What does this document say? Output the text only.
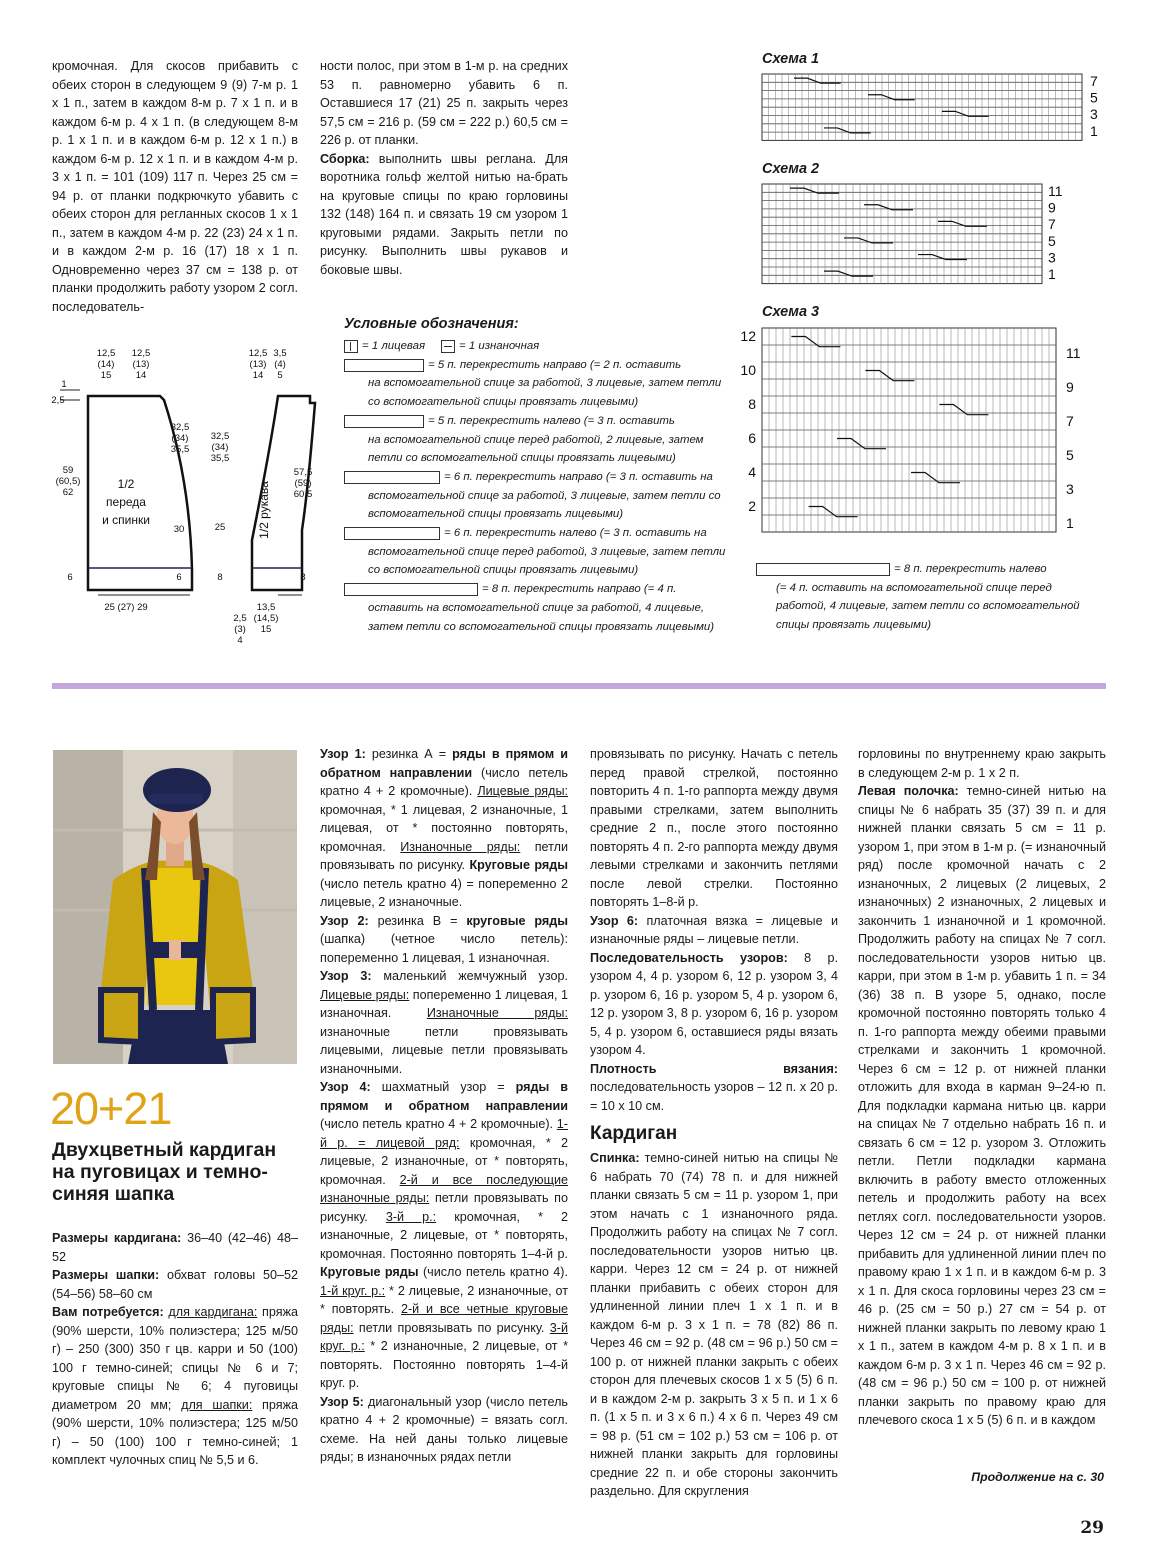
кромочная. Для скосов прибавить с обеих сторон в следующем 9 (9) 7-м р. 1 х 1 п., затем в каждом 8-м р. 7 х 1 п. и в каждом 6-м р. 4 х 1 п. (в следующем 8-м р. 1 х 1 п. и в каждом 6-м р. 12 х 1 п.) в каждом 6-м р. 12 х 1 п. и в каждом 4-м р. 3 х 1 п. = 101 (109) 117 п. Через 25 см = 94 р. от планки подкрючкуто убавить с обеих сторон для регланных скосов 1 х 1 п., затем в каждом 4-м р. 22 (23) 24 х 1 п. и в каждом 2-м р. 16 (17) 18 х 1 п. Одновременно через 37 см = 138 р. от планки продолжить работу узором 2 согл. последователь-

ности полос, при этом в 1-м р. на средних 53 п. равномерно убавить 6 п. Оставшиеся 17 (21) 25 п. закрыть через 57,5 см = 216 р. (59 см = 222 р.) 60,5 см = 226 р. от планки.
Сборка: выполнить швы реглана. Для воротника гольф желтой нитью на-брать на круговые спицы по краю горловины 132 (148) 164 п. и связать 19 см узором 1 круговыми рядами. Закрыть петли по рисунку. Выполнить швы рукавов и боковые швы.

12,5
(14)
15
12,5
(13)
14
1
2,5
32,5
(34)
35,5
59
(60,5)
62
1/2
переда
и спинки
30
6	6
25 (27) 29
12,5
(13)
14
3,5
(4)
5
32,5
(34)
35,5
25	1/2 рукава
57,5
(59)
60,5
8	8
13,5
(14,5)
15
2,5
(3)
4
Условные обозначения:
= 1 лицевая	= 1 изнаночная
= 5 п. перекрестить направо (= 2 п. оставить
на вспомогательной спице за работой, 3 лицевые, затем петли со вспомогательной спицы провязать лицевыми)
= 5 п. перекрестить налево (= 3 п. оставить
на вспомогательной спице перед работой, 2 лицевые, затем петли со вспомогательной спицы провязать лицевыми)
= 6 п. перекрестить направо (= 3 п. оставить на
вспомогательной спице за работой, 3 лицевые, затем петли со вспомогательной спицы провязать лицевыми)
= 6 п. перекрестить налево (= 3 п. оставить на
вспомогательной спице перед работой, 3 лицевые, затем петли со вспомогательной спицы провязать лицевыми)
= 8 п. перекрестить направо (= 4 п.
оставить на вспомогательной спице за работой, 4 лицевые, затем петли со вспомогательной спицы провязать лицевыми)
Схема 1
7
5
3
1
Схема 2
11
9
7
5
3
1
Схема 3
12
10
8
6
4
2
11
9
7
5
3
1
= 8 п. перекрестить налево
(= 4 п. оставить на вспомогательной спице перед работой, 4 лицевые, затем петли со вспомогательной спицы провязать лицевыми)
20+21
Двухцветный кардиган на пуговицах и темно-синяя шапка

Размеры кардигана: 36–40 (42–46) 48–52

Размеры шапки: обхват головы 50–52 (54–56) 58–60 см

Вам потребуется: для кардигана: пряжа (90% шерсти, 10% полиэстера; 125 м/50 г) – 250 (300) 350 г цв. карри и 50 (100) 100 г темно-синей; спицы № 6 и 7; круговые спицы № 6; 4 пуговицы диаметром 20 мм; для шапки: пряжа (90% шерсти, 10% полиэстера; 125 м/50 г) – 50 (100) 100 г темно-синей; 1 комплект чулочных спиц № 5,5 и 6.

Узор 1: резинка А = ряды в прямом и обратном направлении (число петель кратно 4 + 2 кромочные). Лицевые ряды: кромочная, * 1 лицевая, 2 изнаночные, 1 лицевая, от * постоянно повторять, кромочная. Изнаночные ряды: петли провязывать по рисунку. Круговые ряды (число петель кратно 4) = попеременно 2 лицевые, 2 изнаночные.

Узор 2: резинка В = круговые ряды (шапка) (четное число петель): попеременно 1 лицевая, 1 изнаночная.

Узор 3: маленький жемчужный узор. Лицевые ряды: попеременно 1 лицевая, 1 изнаночная. Изнаночные ряды: изнаночные петли провязывать лицевыми, лицевые петли провязывать изнаночными.

Узор 4: шахматный узор = ряды в прямом и обратном направлении (число петель кратно 4 + 2 кромочные). 1-й р. = лицевой ряд: кромочная, * 2 лицевые, 2 изнаночные, от * повторять, кромочная. 2-й и все последующие изнаночные ряды: петли провязывать по рисунку. 3-й р.: кромочная, * 2 изнаночные, 2 лицевые, от * повторять, кромочная. Постоянно повторять 1–4-й р. Круговые ряды (число петель кратно 4). 1-й круг. р.: * 2 лицевые, 2 изнаночные, от * повторять. 2-й и все четные круговые ряды: петли провязывать по рисунку. 3-й круг. р.: * 2 изнаночные, 2 лицевые, от * повторять. Постоянно повторять 1–4-й круг. р.

Узор 5: диагональный узор (число петель кратно 4 + 2 кромочные) = вязать согл. схеме. На ней даны только лицевые ряды; в изнаночных рядах петли

провязывать по рисунку. Начать с петель перед правой стрелкой, постоянно повторить 4 п. 1-го раппорта между двумя правыми стрелками, затем выполнить средние 2 п., после этого постоянно повторять 4 п. 2-го раппорта между двумя левыми стрелками и закончить петлями после левой стрелки. Постоянно повторять 1–8-й р.

Узор 6: платочная вязка = лицевые и изнаночные ряды – лицевые петли.

Последовательность узоров: 8 р. узором 4, 4 р. узором 6, 12 р. узором 3, 4 р. узором 6, 16 р. узором 5, 4 р. узором 6, 12 р. узором 3, 8 р. узором 6, 16 р. узором 5, 4 р. узором 6, оставшиеся ряды вязать узором 4.

Плотность вязания: последовательность узоров – 12 п. х 20 р. = 10 х 10 см.

Кардиган

Спинка: темно-синей нитью на спицы № 6 набрать 70 (74) 78 п. и для нижней планки связать 5 см = 11 р. узором 1, при этом начать с 1 изнаночного ряда. Продолжить работу на спицах № 7 согл. последовательности узоров нитью цв. карри. Через 12 см = 24 р. от нижней планки прибавить с обеих сторон для удлиненной линии плеч 1 х 1 п. и в каждом 6-м р. 3 х 1 п. = 78 (82) 86 п. Через 46 см = 92 р. (48 см = 96 р.) 50 см = 100 р. от нижней планки закрыть с обеих сторон для плечевых скосов 1 х 5 (5) 6 п. и в каждом 2-м р. закрыть 3 х 5 п. и 1 х 6 п. (1 х 5 п. и 3 х 6 п.) 4 х 6 п. Через 49 см = 98 р. (51 см = 102 р.) 53 см = 106 р. от нижней планки закрыть для горловины средние 22 п. и обе стороны закончить раздельно. Для скругления

горловины по внутреннему краю закрыть в следующем 2-м р. 1 х 2 п.

Левая полочка: темно-синей нитью на спицы № 6 набрать 35 (37) 39 п. и для нижней планки связать 5 см = 11 р. узором 1, при этом в 1-м р. (= изнаночный ряд) после кромочной начать с 2 изнаночных, 2 лицевых (2 лицевых, 2 изнаночных) 2 изнаночных, 2 лицевых и закончить 1 изнаночной и 1 кромочной. Продолжить работу на спицах № 7 согл. последовательности узоров нитью цв. карри, при этом в 1-м р. убавить 1 п. = 34 (36) 38 п. В узоре 5, однако, после кромочной постоянно повторять только 4 п. 1-го раппорта между обеими правыми стрелками и закончить 1 кромочной. Через 6 см = 12 р. от нижней планки отложить для входа в карман 9–24-ю п. Для подкладки кармана нитью цв. карри на спицах № 7 отдельно набрать 16 п. и связать 6 см = 12 р. узором 3. Отложить петли. Петли подкладки кармана включить в работу вместо отложенных петель и продолжить работу на всех петлях согл. последовательности узоров. Через 12 см = 24 р. от нижней планки прибавить для удлиненной линии плеч по правому краю 1 х 1 п. и в каждом 6-м р. 3 х 1 п. Для скоса горловины через 23 см = 46 р. (25 см = 50 р.) 27 см = 54 р. от нижней планки закрыть по левому краю 1 х 1 п., затем в каждом 4-м р. 8 х 1 п. и в каждом 6-м р. 3 х 1 п. Через 46 см = 92 р. (48 см = 96 р.) 50 см = 100 р. от нижней планки закрыть по правому краю для плечевого скоса 1 х 5 (5) 6 п. и в каждом

Продолжение на с. 30
29
